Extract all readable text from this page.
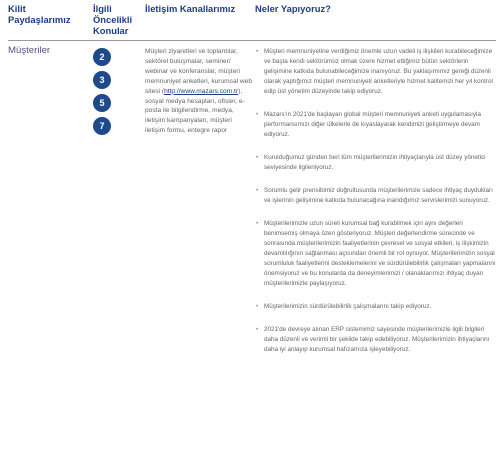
Kilit Paydaşlarımız
İlgili Öncelikli Konular
İletişim Kanallarımız	Neler Yapıyoruz?
Müşteriler
2
3
5
7
Müşteri ziyaretleri ve toplantılar, sektörel buluşmalar, seminer/ webinar ve konferanslar, müşteri memnuniyet anketleri, kurumsal web sitesi (http://www.mazars.com.tr), sosyal medya hesapları, ofisler, e-posta ile bilgilendirme, medya, iletişim kampanyaları, müşteri iletişim formu, entegre rapor
• Müşteri memnuniyetine verdiğimiz önemle uzun vadeli iş ilişkileri kurabileceğimize ve başta kendi sektörümüz olmak üzere hizmet ettiğimiz bütün sektörlerin gelişimine katkıda bulunabileceğimize inanıyoruz. Bu yaklaşımımız gereği düzenli olarak yaptığımız müşteri memnuniyeti anketleriyle hizmet kalitemizi her yıl kontrol edip üst yönetim düzeyinde takip ediyoruz.
• Mazars'ın 2021'de başlayan global müşteri memnuniyeti anketi uygulamasıyla performansımızı diğer ülkelerle de kıyaslayarak kendimizi geliştirmeye devam ediyoruz.
• Kurulduğumuz günden beri tüm müşterilerimizin ihtiyaçlarıyla üst düzey yönetici seviyesinde ilgileniyoruz.
• Sorumlu gelir prensibimiz doğrultusunda müşterilerimize sadece ihtiyaç duydukları ve işlerinin gelişimine katkıda bulunacağına inandığımız servislerimizi sunuyoruz.
• Müşterilerimizle uzun süreli kurumsal bağ kurabilmek için aynı değerleri benimsemiş olmaya özen gösteriyoruz. Müşteri değerlendirme sürecinde ve sonrasında müşterilerimizin faaliyetlerinin çevresel ve sosyal etkileri, iş ilişkimizin devamlılığının sağlanması açısından önemli bir rol oynuyor. Müşterilerimizin sosyal sorumluluk faaliyetlerini desteklemelerini ve sürdürülebilirlik çalışmaları yapmalarını önemsiyoruz ve bu konularda da deneyimlerimizi / olanaklarımızı ihtiyaç duyan müşterilerimizle paylaşıyoruz.
• Müşterilerimizin sürdürülebilirlik çalışmalarını takip ediyoruz.
• 2021'de devreye alınan ERP sistemimiz sayesinde müşterilerimizle ilgili bilgileri daha düzenli ve verimli bir şekilde takip edebiliyoruz. Müşterilerimizin ihtiyaçlarını daha iyi anlayıp kurumsal hafızamıza işleyebiliyoruz.
